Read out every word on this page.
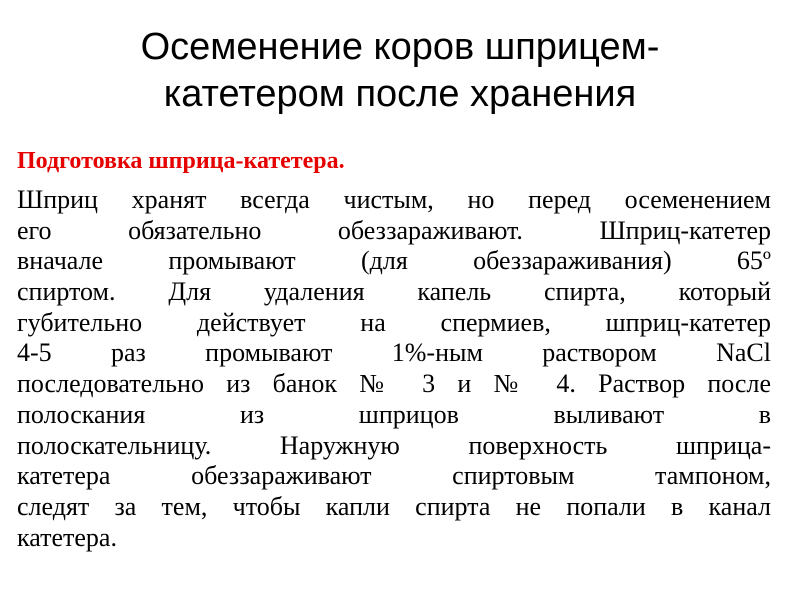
Осеменение коров шприцем-
катетером после хранения
Подготовка шприца-катетера.
Шприц хранят всегда чистым, но перед осеменением
его обязательно обеззараживают. Шприц-катетер
вначале промывают (для обеззараживания) 65º
спиртом. Для удаления капель спирта, который
губительно действует на спермиев, шприц-катетер
4-5 раз промывают 1%-ным раствором NaCl
последовательно из банок № 3 и № 4. Раствор после
полоскания из шприцов выливают в
полоскательницу. Наружную поверхность шприца-
катетера обеззараживают спиртовым тампоном,
следят за тем, чтобы капли спирта не попали в канал
катетера.
